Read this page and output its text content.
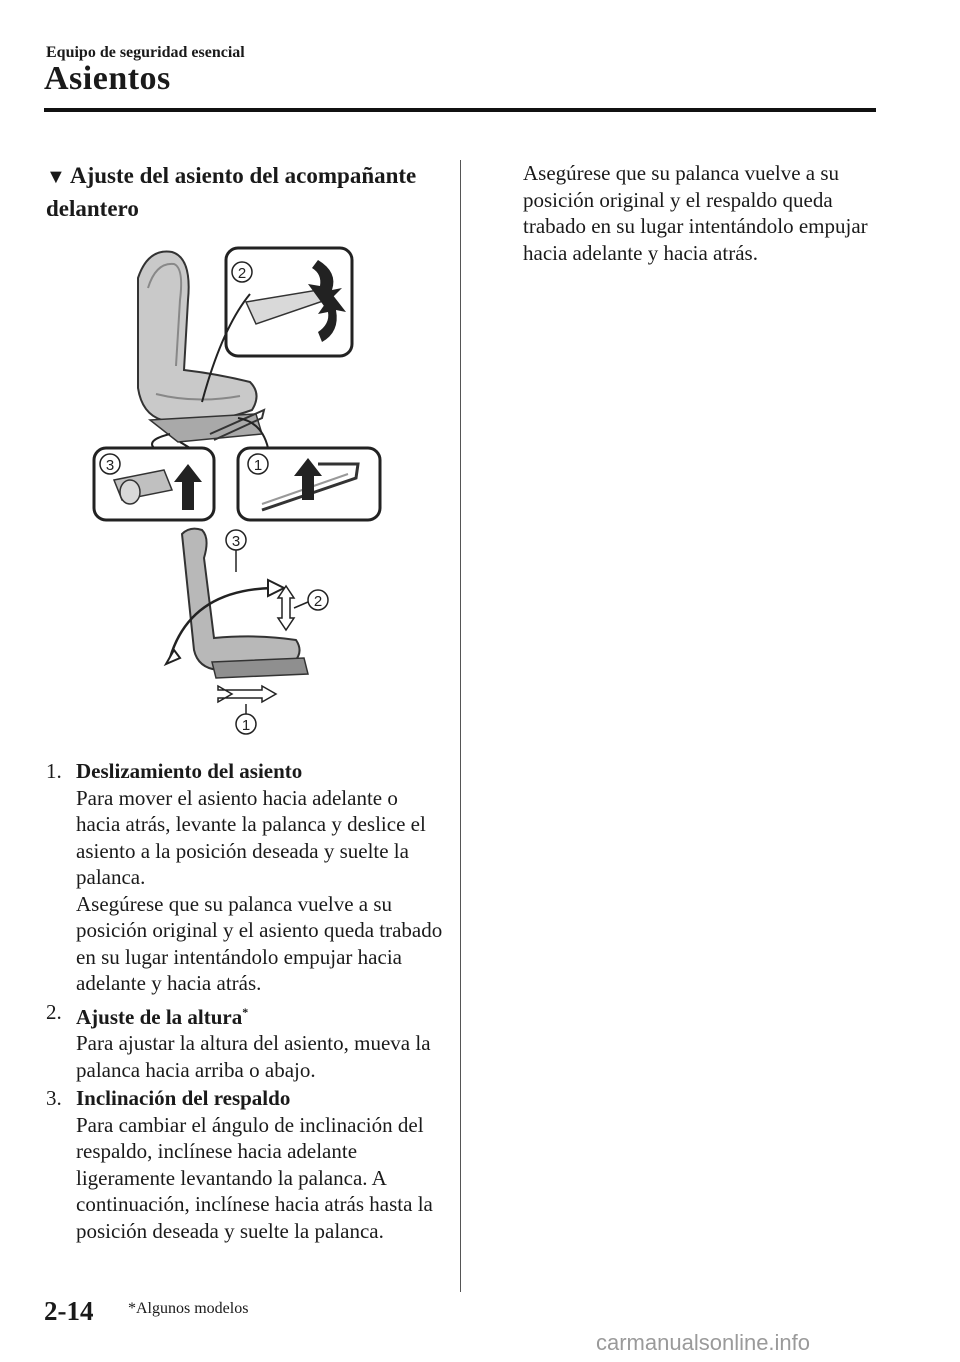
Equipo de seguridad esencial
Asientos
▼ Ajuste del asiento del acompañante delantero
2
3	1
3
2
1
1. Deslizamiento del asiento

Para mover el asiento hacia adelante o hacia atrás, levante la palanca y deslice el asiento a la posición deseada y suelte la palanca.

Asegúrese que su palanca vuelve a su posición original y el asiento queda trabado en su lugar intentándolo empujar hacia adelante y hacia atrás.

2. Ajuste de la altura*

Para ajustar la altura del asiento, mueva la palanca hacia arriba o abajo.

3. Inclinación del respaldo

Para cambiar el ángulo de inclinación del respaldo, inclínese hacia adelante ligeramente levantando la palanca. A continuación, inclínese hacia atrás hasta la posición deseada y suelte la palanca.

Asegúrese que su palanca vuelve a su posición original y el respaldo queda trabado en su lugar intentándolo empujar hacia adelante y hacia atrás.
2-14 *Algunos modelos
carmanualsonline.info
